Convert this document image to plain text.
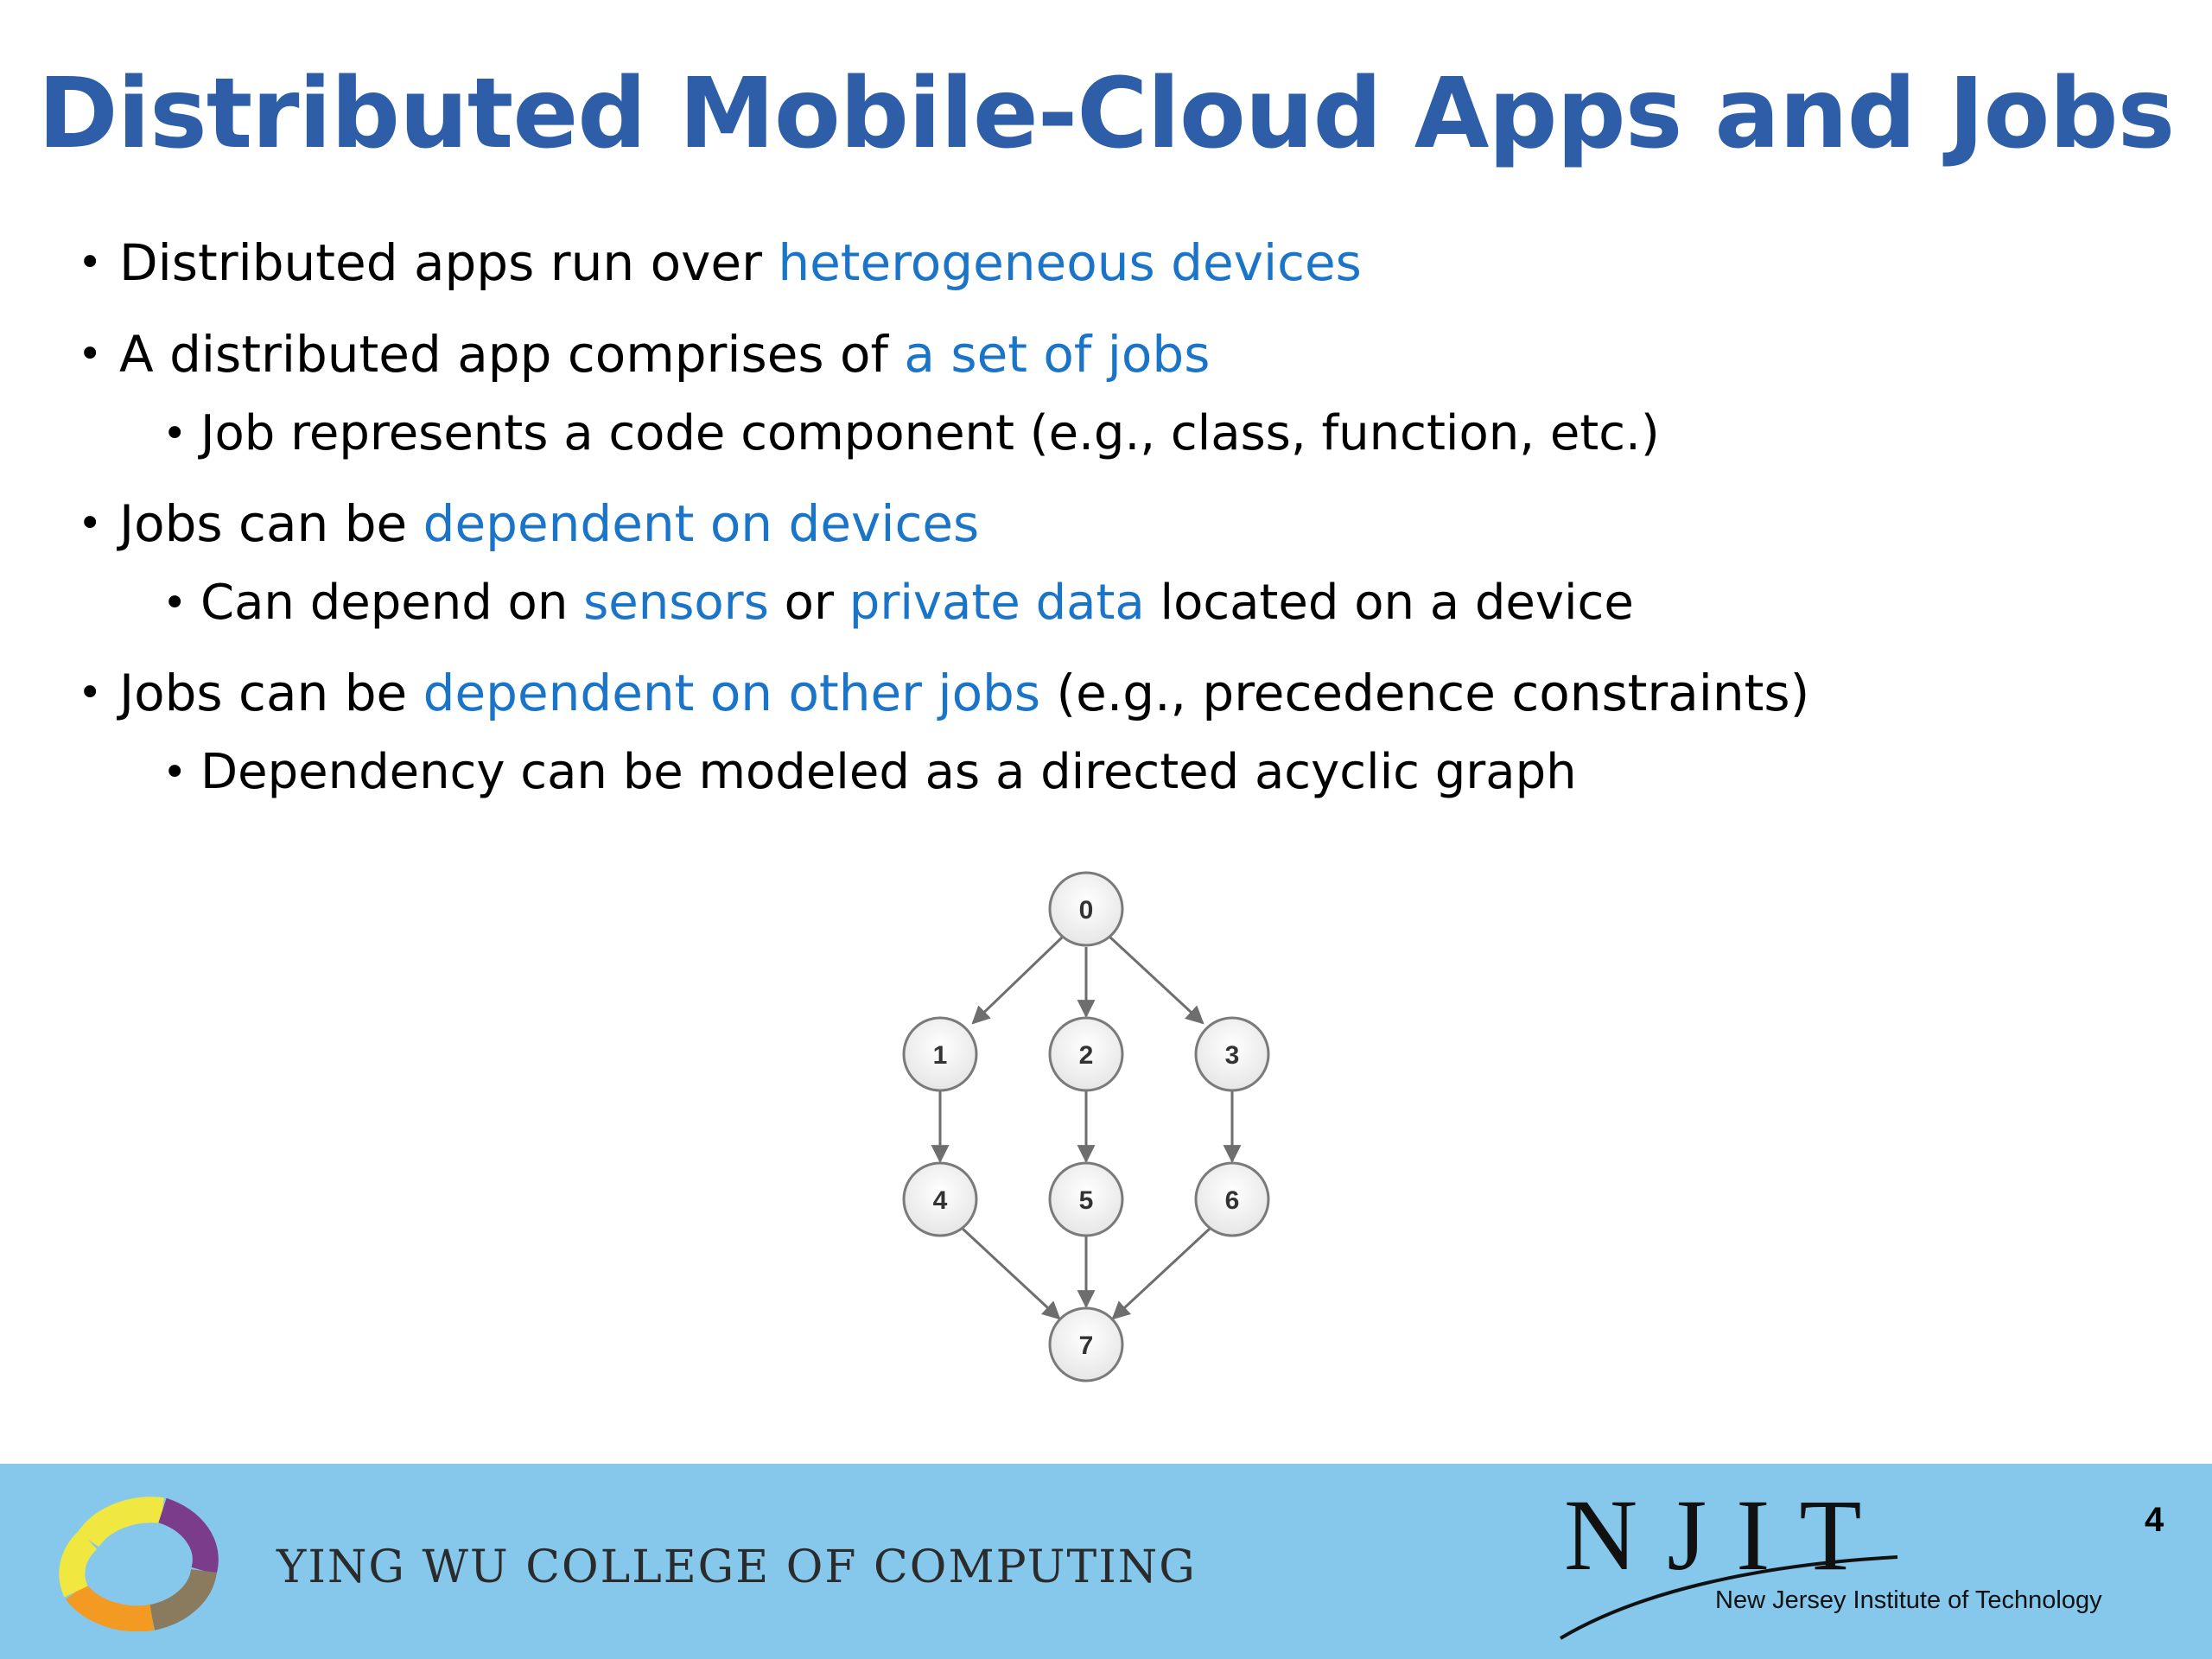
Distributed Mobile-Cloud Apps and Jobs
• Distributed apps run over heterogeneous devices
• A distributed app comprises of a set of jobs
• Job represents a code component (e.g., class, function, etc.)
• Jobs can be dependent on devices
• Can depend on sensors or private data located on a device
• Jobs can be dependent on other jobs (e.g., precedence constraints)
• Dependency can be modeled as a directed acyclic graph
0
1	2	3
4	5	6
7
YING WU COLLEGE OF COMPUTING	NJIT
New Jersey Institute of Technology
4
